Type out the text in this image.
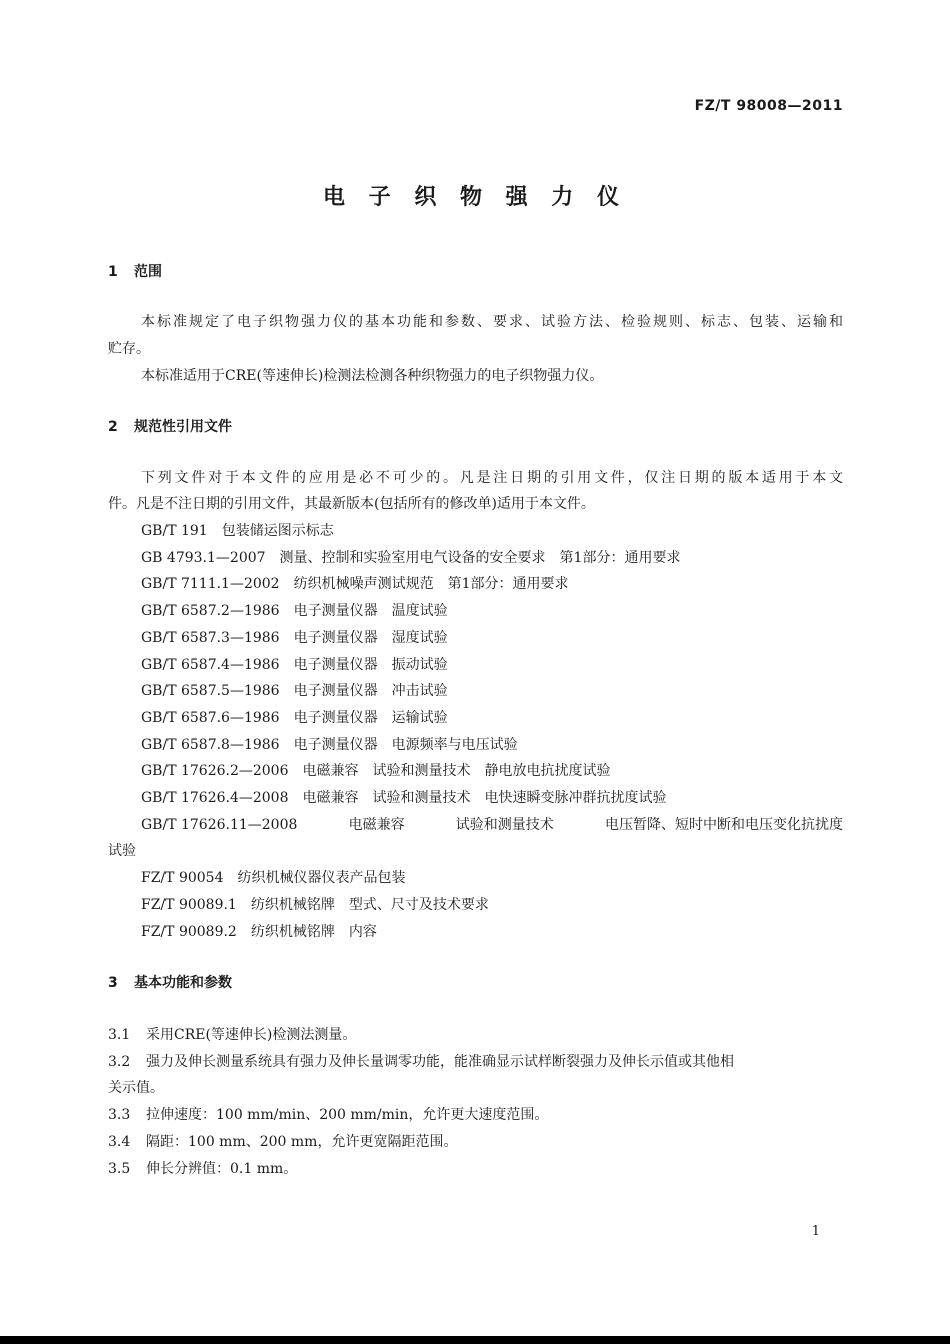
FZ/T 98008—2011
电 子 织 物 强 力 仪
1 范围
本标准规定了电子织物强力仪的基本功能和参数、要求、试验方法、检验规则、标志、包装、运输和
贮存。
本标准适用于CRE(等速伸长)检测法检测各种织物强力的电子织物强力仪。
2 规范性引用文件
下列文件对于本文件的应用是必不可少的。凡是注日期的引用文件，仅注日期的版本适用于本文
件。凡是不注日期的引用文件，其最新版本(包括所有的修改单)适用于本文件。
GB/T 191 包装储运图示标志
GB 4793.1—2007 测量、控制和实验室用电气设备的安全要求 第1部分：通用要求
GB/T 7111.1—2002 纺织机械噪声测试规范 第1部分：通用要求
GB/T 6587.2—1986 电子测量仪器 温度试验
GB/T 6587.3—1986 电子测量仪器 湿度试验
GB/T 6587.4—1986 电子测量仪器 振动试验
GB/T 6587.5—1986 电子测量仪器 冲击试验
GB/T 6587.6—1986 电子测量仪器 运输试验
GB/T 6587.8—1986 电子测量仪器 电源频率与电压试验
GB/T 17626.2—2006 电磁兼容 试验和测量技术 静电放电抗扰度试验
GB/T 17626.4—2008 电磁兼容 试验和测量技术 电快速瞬变脉冲群抗扰度试验
GB/T 17626.11—2008	电磁兼容	试验和测量技术	电压暂降、短时中断和电压变化抗扰度
试验
FZ/T 90054 纺织机械仪器仪表产品包装
FZ/T 90089.1 纺织机械铭牌 型式、尺寸及技术要求
FZ/T 90089.2 纺织机械铭牌 内容
3 基本功能和参数
3.1 采用CRE(等速伸长)检测法测量。
3.2 强力及伸长测量系统具有强力及伸长量调零功能，能准确显示试样断裂强力及伸长示值或其他相
关示值。
3.3 拉伸速度：100 mm/min、200 mm/min，允许更大速度范围。
3.4 隔距：100 mm、200 mm，允许更宽隔距范围。
3.5 伸长分辨值：0.1 mm。
1
